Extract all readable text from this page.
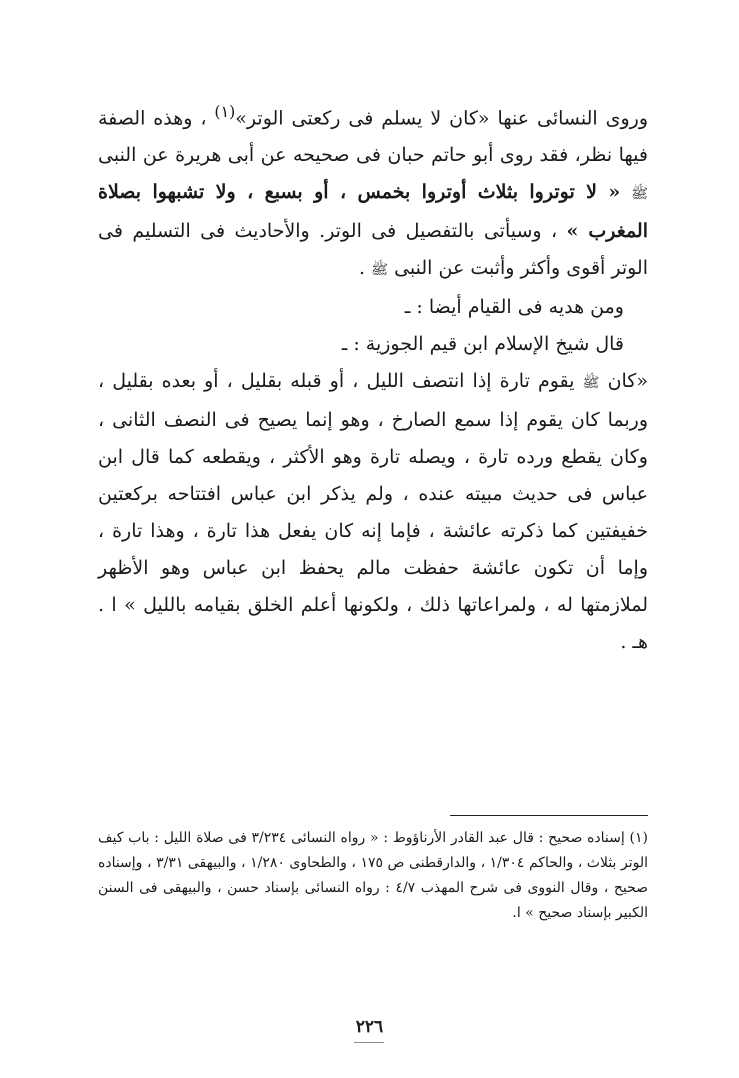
وروى النسائى عنها «كان لا يسلم فى ركعتى الوتر»$^{(١)}$ ، وهذه الصفة فيها نظر، فقد روى أبو حاتم حبان فى صحيحه عن أبى هريرة عن النبى ﷺ « لا توتروا بثلاث أوتروا بخمس ، أو بسبع ، ولا تشبهوا بصلاة المغرب » ، وسيأتى بالتفصيل فى الوتر. والأحاديث فى التسليم فى الوتر أقوى وأكثر وأثبت عن النبى ﷺ .

ومن هديه فى القيام أيضا : ـ

قال شيخ الإسلام ابن قيم الجوزية : ـ

«كان ﷺ يقوم تارة إذا انتصف الليل ، أو قبله بقليل ، أو بعده بقليل ، وربما كان يقوم إذا سمع الصارخ ، وهو إنما يصيح فى النصف الثانى ، وكان يقطع ورده تارة ، ويصله تارة وهو الأكثر ، ويقطعه كما قال ابن عباس فى حديث مبيته عنده ، ولم يذكر ابن عباس افتتاحه بركعتين خفيفتين كما ذكرته عائشة ، فإما إنه كان يفعل هذا تارة ، وهذا تارة ، وإما أن تكون عائشة حفظت مالم يحفظ ابن عباس وهو الأظهر لملازمتها له ، ولمراعاتها ذلك ، ولكونها أعلم الخلق بقيامه بالليل » ا . هـ .

(١) إسناده صحيح : قال عبد القادر الأرناؤوط : « رواه النسائى ٣/٢٣٤ فى صلاة الليل : باب كيف الوتر بثلاث ، والحاكم ١/٣٠٤ ، والدارقطنى ص ١٧٥ ، والطحاوى ١/٢٨٠ ، والبيهقى ٣/٣١ ، وإسناده صحيح ، وقال النووى فى شرح المهذب ٤/٧ : رواه النسائى بإسناد حسن ، والبيهقى فى السنن الكبير بإسناد صحيح » ا.

٢٢٦
